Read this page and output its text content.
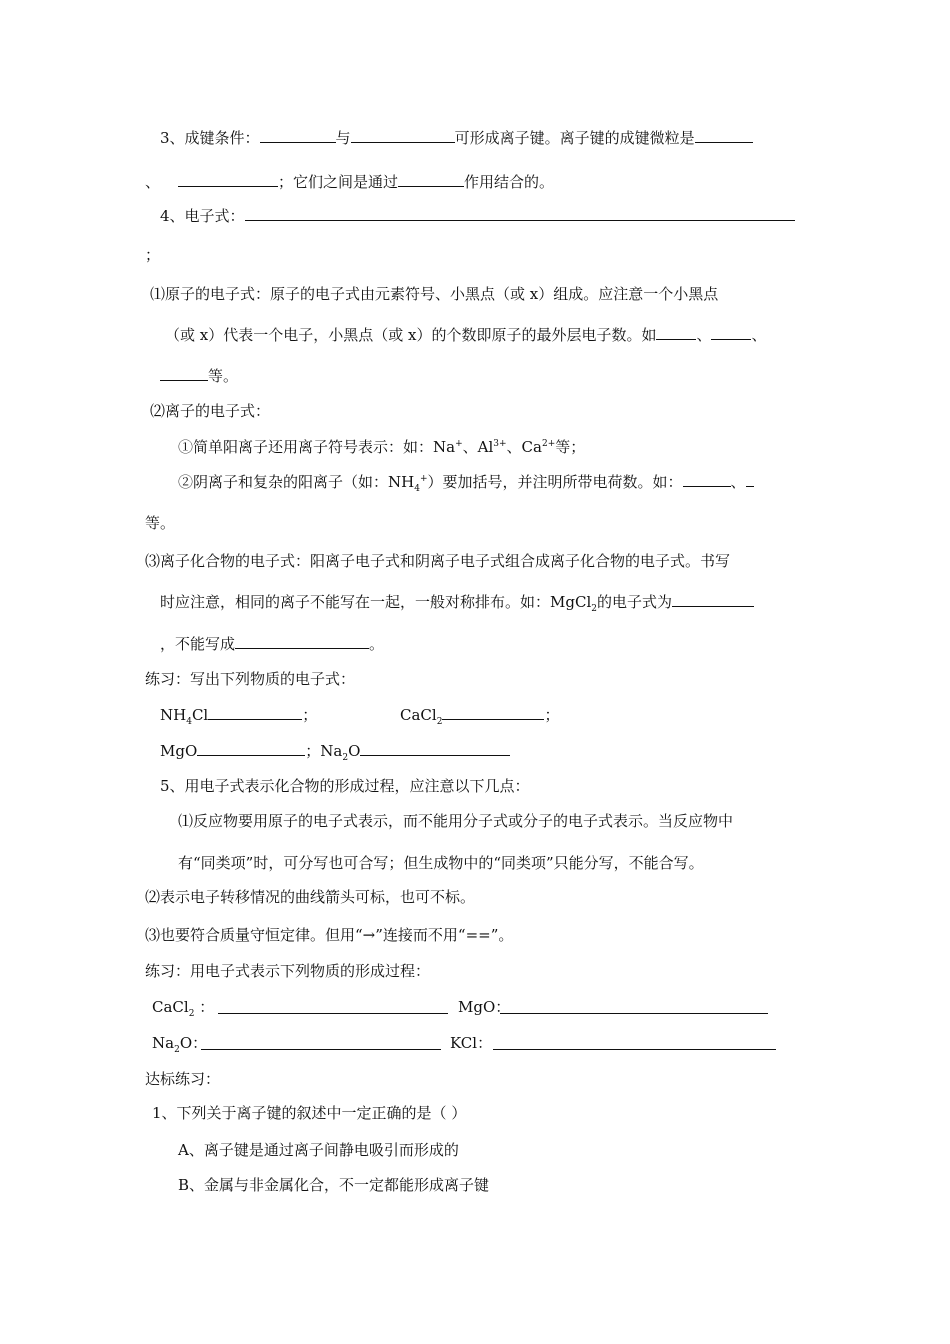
3、成键条件：	与	可形成离子键。离子键的成键微粒是
、	；它们之间是通过	作用结合的。
4、电子式：
；
⑴原子的电子式：原子的电子式由元素符号、小黑点（或 x）组成。应注意一个小黑点
（或 x）代表一个电子，小黑点（或 x）的个数即原子的最外层电子数。如	、	、
等。
⑵离子的电子式：
①简单阳离子还用离子符号表示：如：Na+、$Al^{3+}$、$Ca^{2+}$等；
②阴离子和复杂的阳离子（如：$NH_4^+$）要加括号，并注明所带电荷数。如：	、
等。
⑶离子化合物的电子式：阳离子电子式和阴离子电子式组合成离子化合物的电子式。书写
时应注意，相同的离子不能写在一起，一般对称排布。如：MgCl$_2$的电子式为
，不能写成	。
练习：写出下列物质的电子式：
$NH_4Cl$	；	CaCl$_2$	；
MgO	；$Na_2O$
5、用电子式表示化合物的形成过程，应注意以下几点：
⑴反应物要用原子的电子式表示，而不能用分子式或分子的电子式表示。当反应物中
有“同类项”时，可分写也可合写；但生成物中的“同类项”只能分写，不能合写。
⑵表示电子转移情况的曲线箭头可标，也可不标。
⑶也要符合质量守恒定律。但用“→”连接而不用“==”。
练习：用电子式表示下列物质的形成过程：
CaCl$_2$ ：	MgO：
$Na_2O$：	KCl：
达标练习：
1、下列关于离子键的叙述中一定正确的是（ ）
A、离子键是通过离子间静电吸引而形成的
B、金属与非金属化合，不一定都能形成离子键
